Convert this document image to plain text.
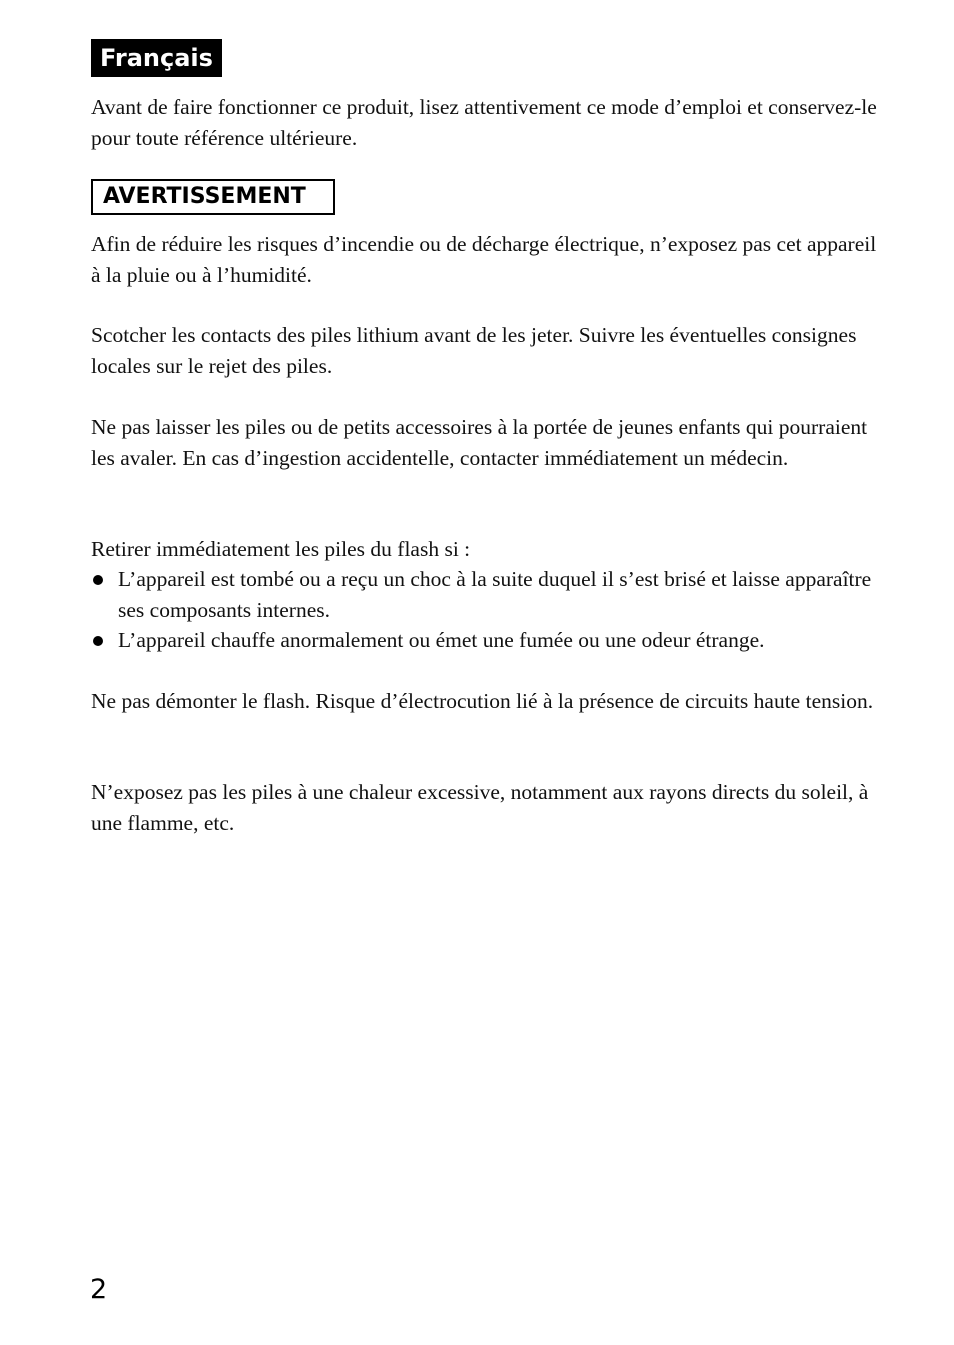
Français

Avant de faire fonctionner ce produit, lisez attentivement ce mode d’emploi et conservez-le pour toute référence ultérieure.

AVERTISSEMENT

Afin de réduire les risques d’incendie ou de décharge électrique, n’exposez pas cet appareil à la pluie ou à l’humidité.

Scotcher les contacts des piles lithium avant de les jeter. Suivre les éventuelles consignes locales sur le rejet des piles.

Ne pas laisser les piles ou de petits accessoires à la portée de jeunes enfants qui pourraient les avaler. En cas d’ingestion accidentelle, contacter immédiatement un médecin.

Retirer immédiatement les piles du flash si :

L’appareil est tombé ou a reçu un choc à la suite duquel il s’est brisé et laisse apparaître ses composants internes.
L’appareil chauffe anormalement ou émet une fumée ou une odeur étrange.

Ne pas démonter le flash. Risque d’électrocution lié à la présence de circuits haute tension.

N’exposez pas les piles à une chaleur excessive, notamment aux rayons directs du soleil, à une flamme, etc.

2
